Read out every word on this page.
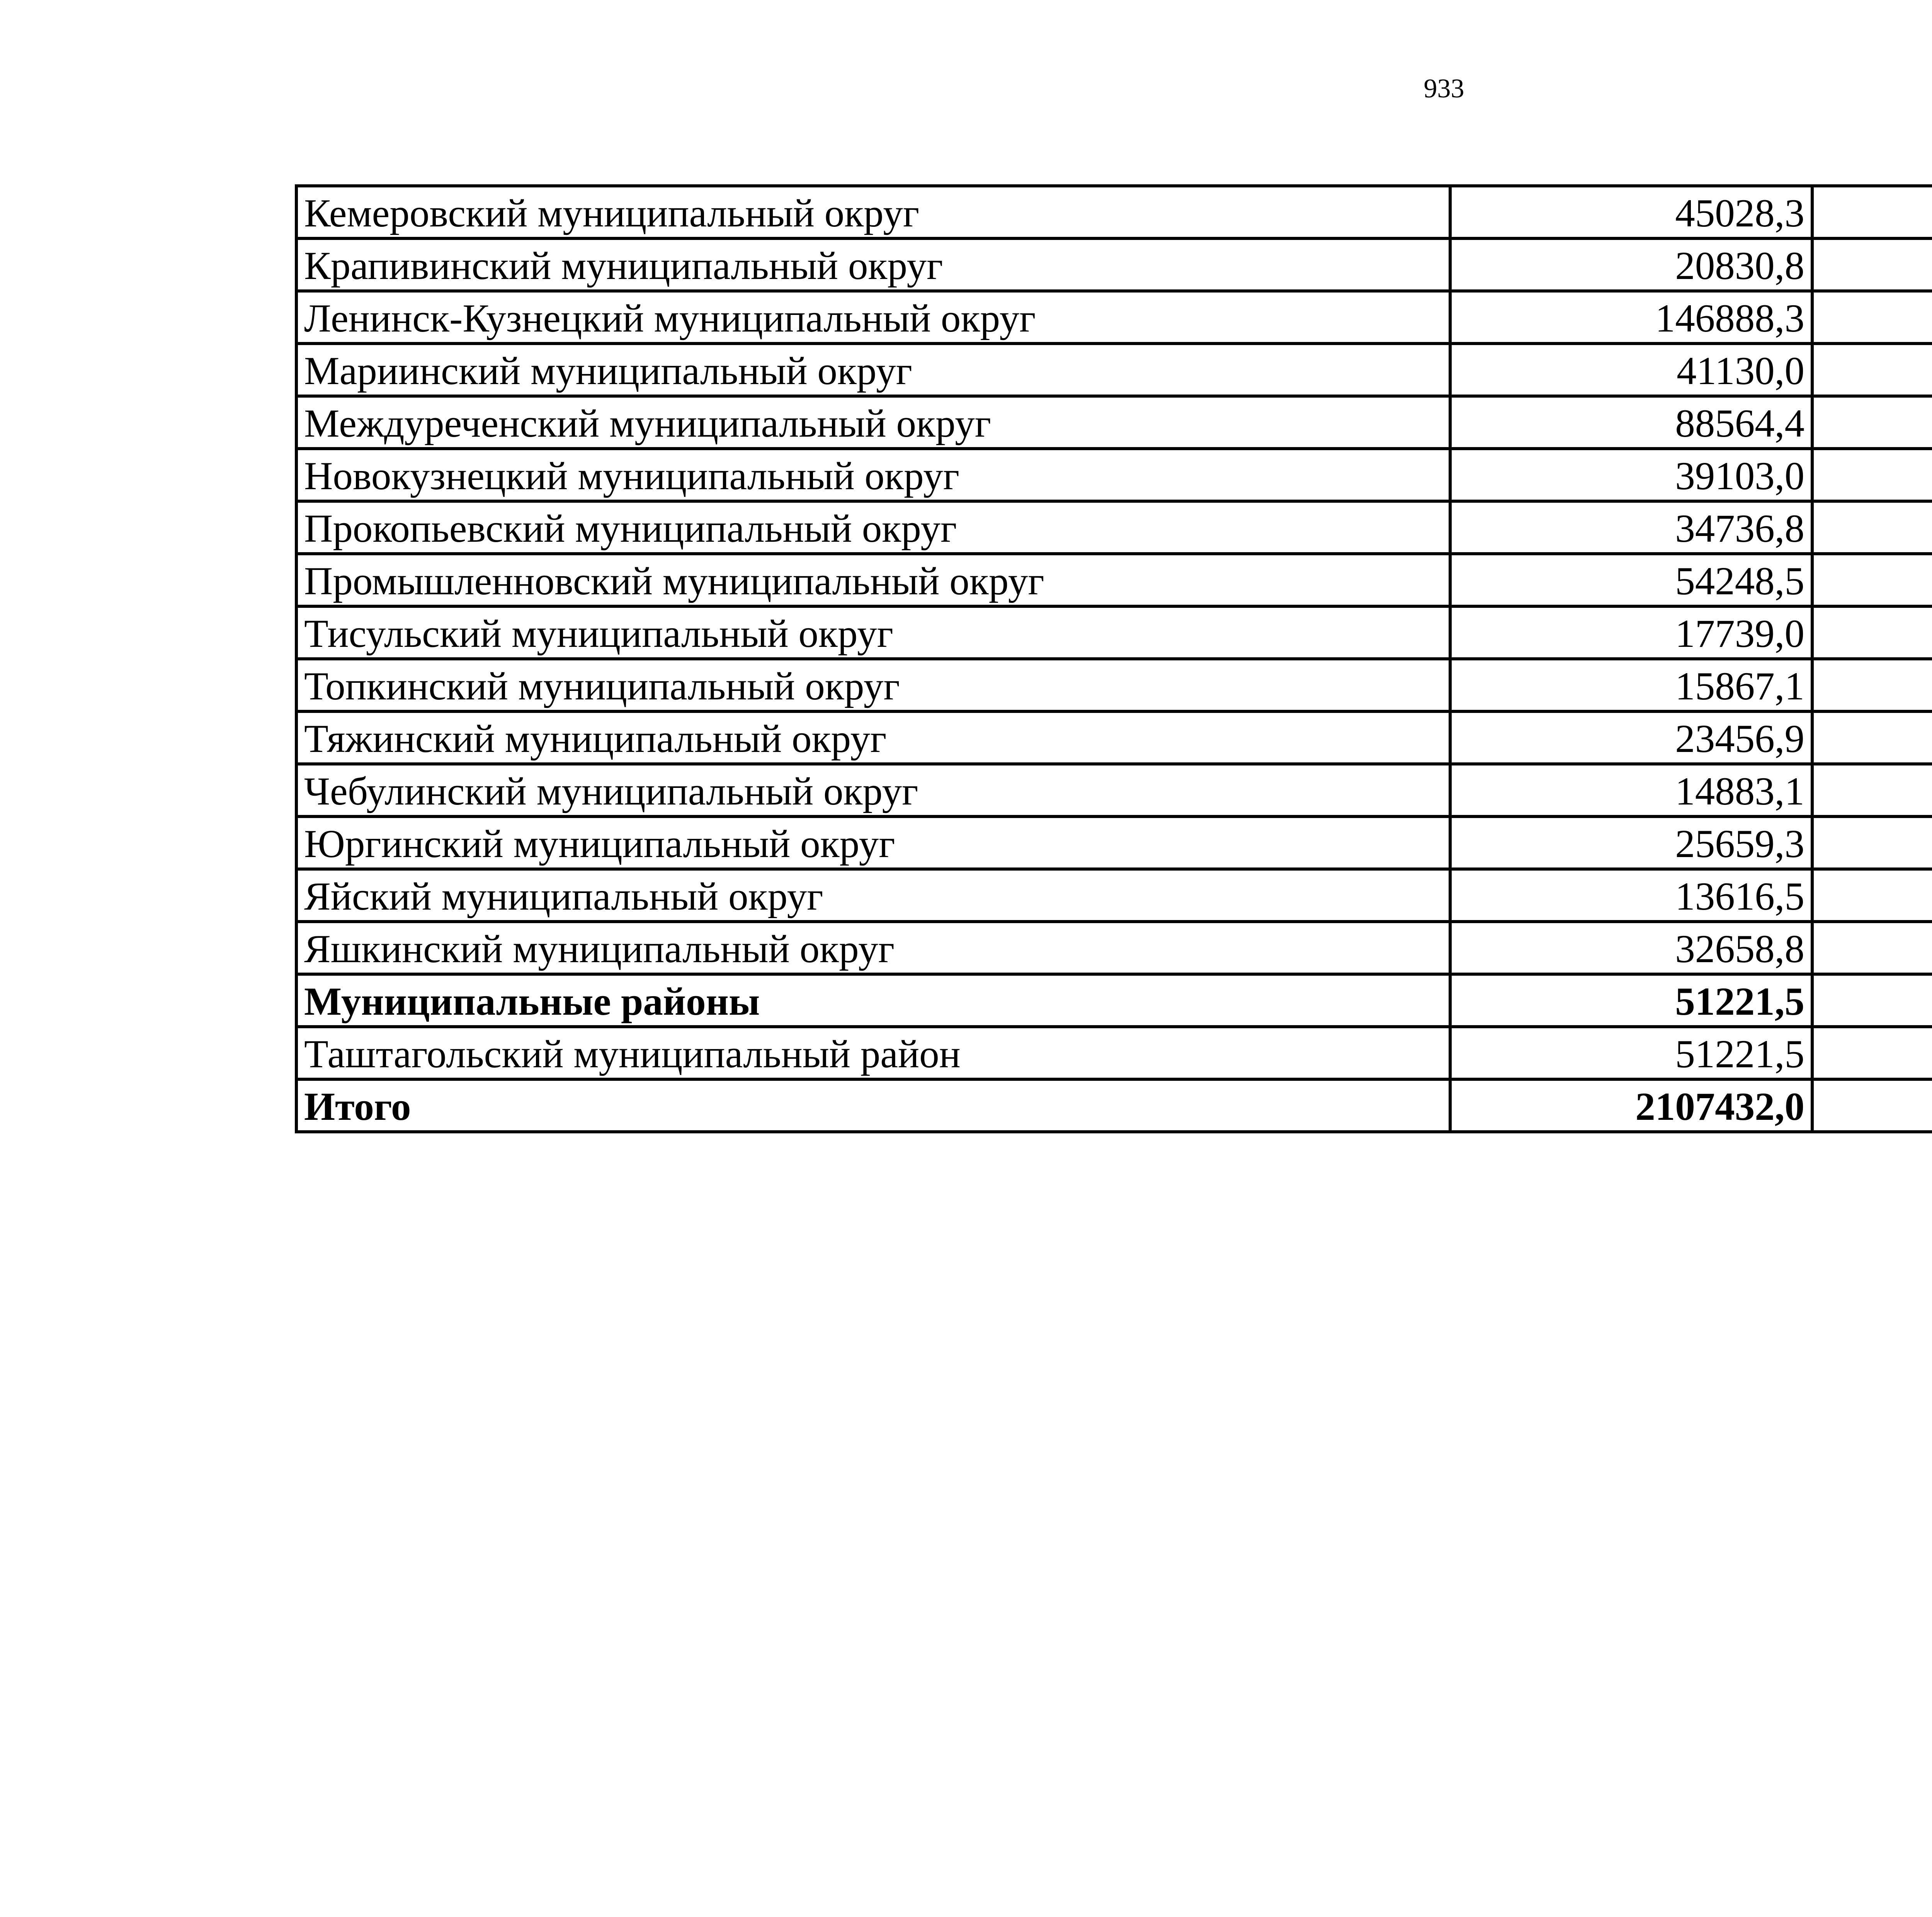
933
Кемеровский муниципальный округ	45028,3		
Крапивинский муниципальный округ	20830,8		
Ленинск-Кузнецкий муниципальный округ	146888,3		
Мариинский муниципальный округ	41130,0		
Междуреченский муниципальный округ	88564,4		
Новокузнецкий муниципальный округ	39103,0		
Прокопьевский муниципальный округ	34736,8		
Промышленновский муниципальный округ	54248,5		
Тисульский муниципальный округ	17739,0		
Топкинский муниципальный округ	15867,1		
Тяжинский муниципальный округ	23456,9		
Чебулинский муниципальный округ	14883,1		
Юргинский муниципальный округ	25659,3		
Яйский муниципальный округ	13616,5		
Яшкинский муниципальный округ	32658,8		
Муниципальные районы	51221,5		
Таштагольский муниципальный район	51221,5		
Итого	2107432,0		
